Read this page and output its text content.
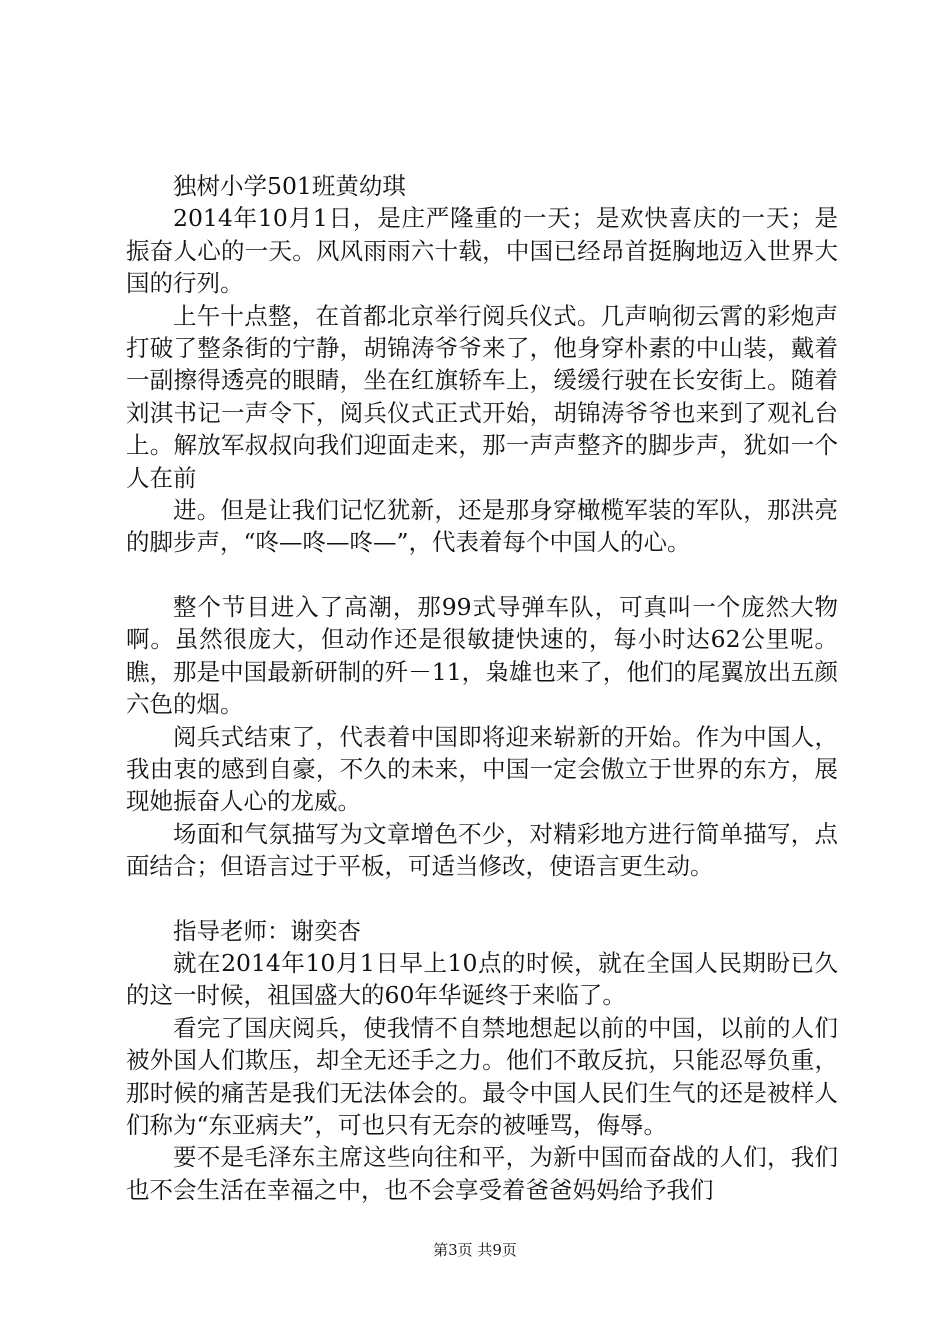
独树小学501班黄幼琪

2014年10月1日，是庄严隆重的一天；是欢快喜庆的一天；是振奋人心的一天。风风雨雨六十载，中国已经昂首挺胸地迈入世界大国的行列。

上午十点整，在首都北京举行阅兵仪式。几声响彻云霄的彩炮声打破了整条街的宁静，胡锦涛爷爷来了，他身穿朴素的中山装，戴着一副擦得透亮的眼睛，坐在红旗轿车上，缓缓行驶在长安街上。随着刘淇书记一声令下，阅兵仪式正式开始，胡锦涛爷爷也来到了观礼台上。解放军叔叔向我们迎面走来，那一声声整齐的脚步声，犹如一个人在前

进。但是让我们记忆犹新，还是那身穿橄榄军装的军队，那洪亮的脚步声，“咚—咚—咚—”，代表着每个中国人的心。

整个节目进入了高潮，那99式导弹车队，可真叫一个庞然大物啊。虽然很庞大，但动作还是很敏捷快速的，每小时达62公里呢。瞧，那是中国最新研制的歼－11，枭雄也来了，他们的尾翼放出五颜六色的烟。

阅兵式结束了，代表着中国即将迎来崭新的开始。作为中国人，我由衷的感到自豪，不久的未来，中国一定会傲立于世界的东方，展现她振奋人心的龙威。

场面和气氛描写为文章增色不少，对精彩地方进行简单描写，点面结合；但语言过于平板，可适当修改，使语言更生动。

指导老师：谢奕杏

就在2014年10月1日早上10点的时候，就在全国人民期盼已久的这一时候，祖国盛大的60年华诞终于来临了。

看完了国庆阅兵，使我情不自禁地想起以前的中国，以前的人们被外国人们欺压，却全无还手之力。他们不敢反抗，只能忍辱负重，那时候的痛苦是我们无法体会的。最令中国人民们生气的还是被样人们称为“东亚病夫”，可也只有无奈的被唾骂，侮辱。

要不是毛泽东主席这些向往和平，为新中国而奋战的人们，我们也不会生活在幸福之中，也不会享受着爸爸妈妈给予我们

第3页 共9页
